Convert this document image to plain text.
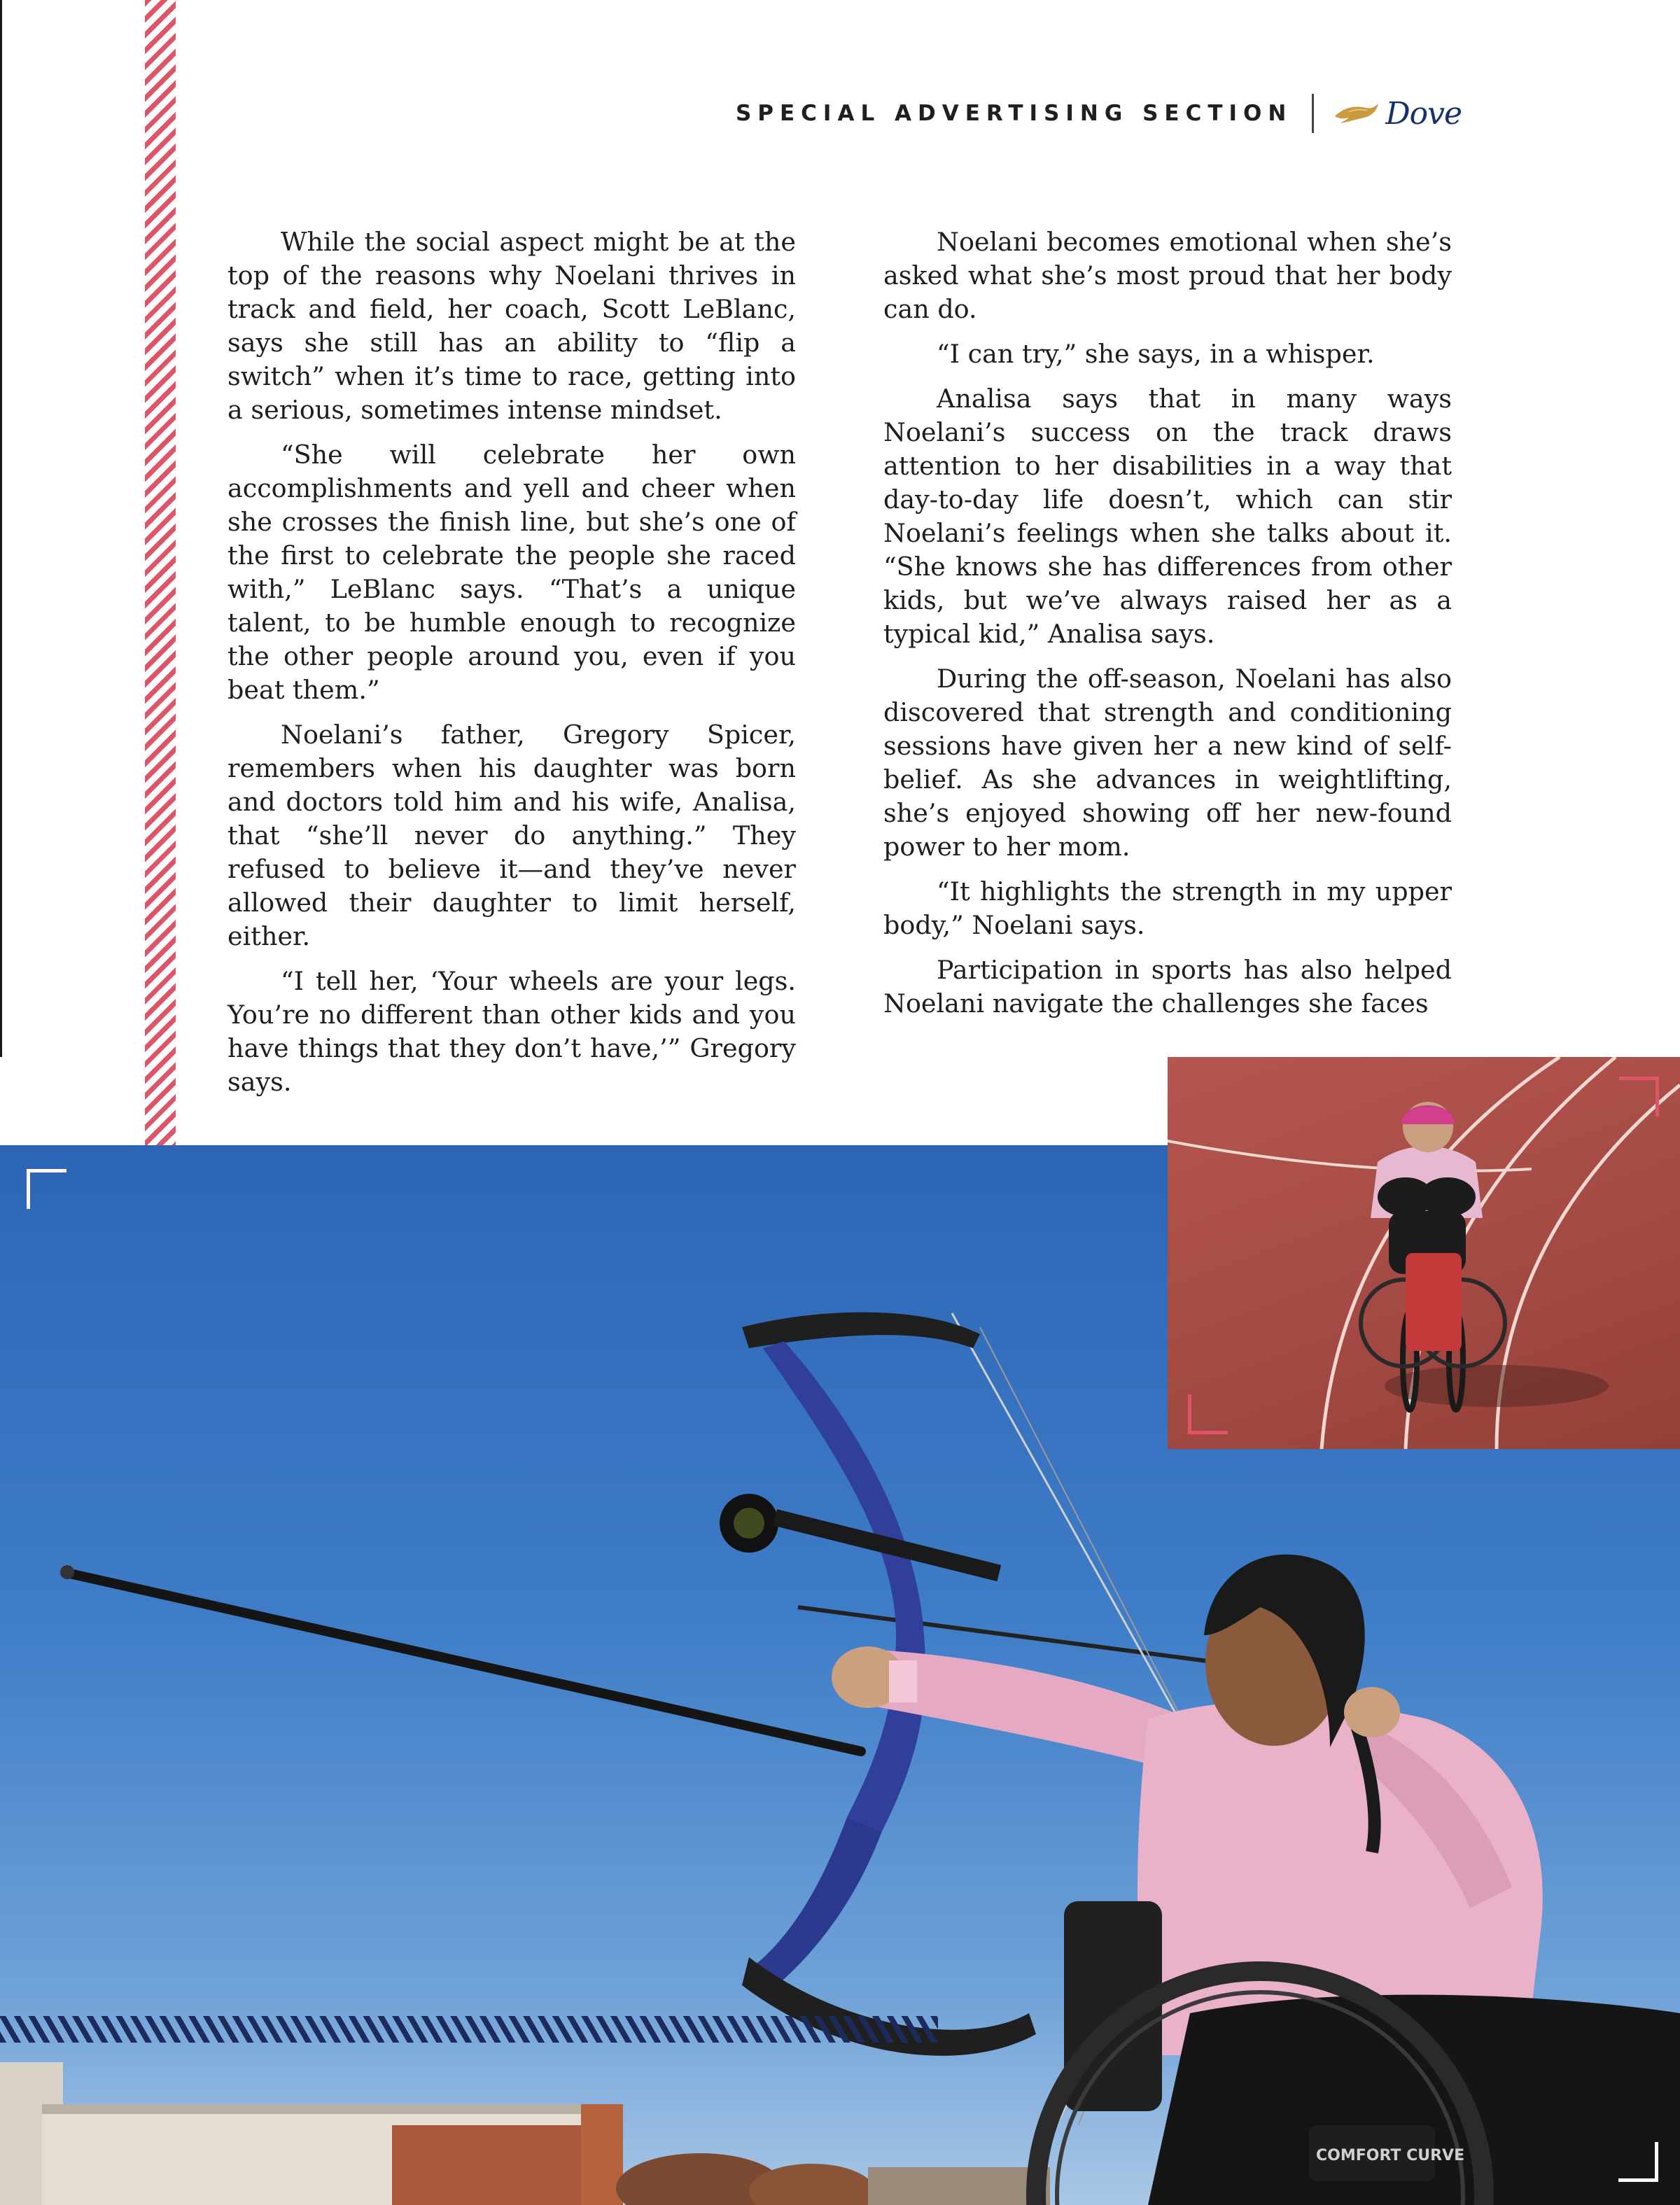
SPECIAL ADVERTISING SECTION	Dove

While the social aspect might be at the top of the reasons why Noelani thrives in track and field, her coach, Scott LeBlanc, says she still has an ability to “flip a switch” when it’s time to race, getting into a serious, sometimes intense mindset.

“She will celebrate her own accomplishments and yell and cheer when she crosses the finish line, but she’s one of the first to celebrate the people she raced with,” LeBlanc says. “That’s a unique talent, to be humble enough to recognize the other people around you, even if you beat them.”

Noelani’s father, Gregory Spicer, remembers when his daughter was born and doctors told him and his wife, Analisa, that “she’ll never do anything.” They refused to believe it—and they’ve never allowed their daughter to limit herself, either.

“I tell her, ‘Your wheels are your legs. You’re no different than other kids and you have things that they don’t have,’” Gregory says.

Noelani becomes emotional when she’s asked what she’s most proud that her body can do.

“I can try,” she says, in a whisper.

Analisa says that in many ways Noelani’s success on the track draws attention to her disabilities in a way that day-to-day life doesn’t, which can stir Noelani’s feelings when she talks about it. “She knows she has differences from other kids, but we’ve always raised her as a typical kid,” Analisa says.

During the off-season, Noelani has also discovered that strength and conditioning sessions have given her a new kind of self-belief. As she advances in weightlifting, she’s enjoyed showing off her new-found power to her mom.

“It highlights the strength in my upper body,” Noelani says.

Participation in sports has also helped Noelani navigate the challenges she faces

COMFORT CURVE
